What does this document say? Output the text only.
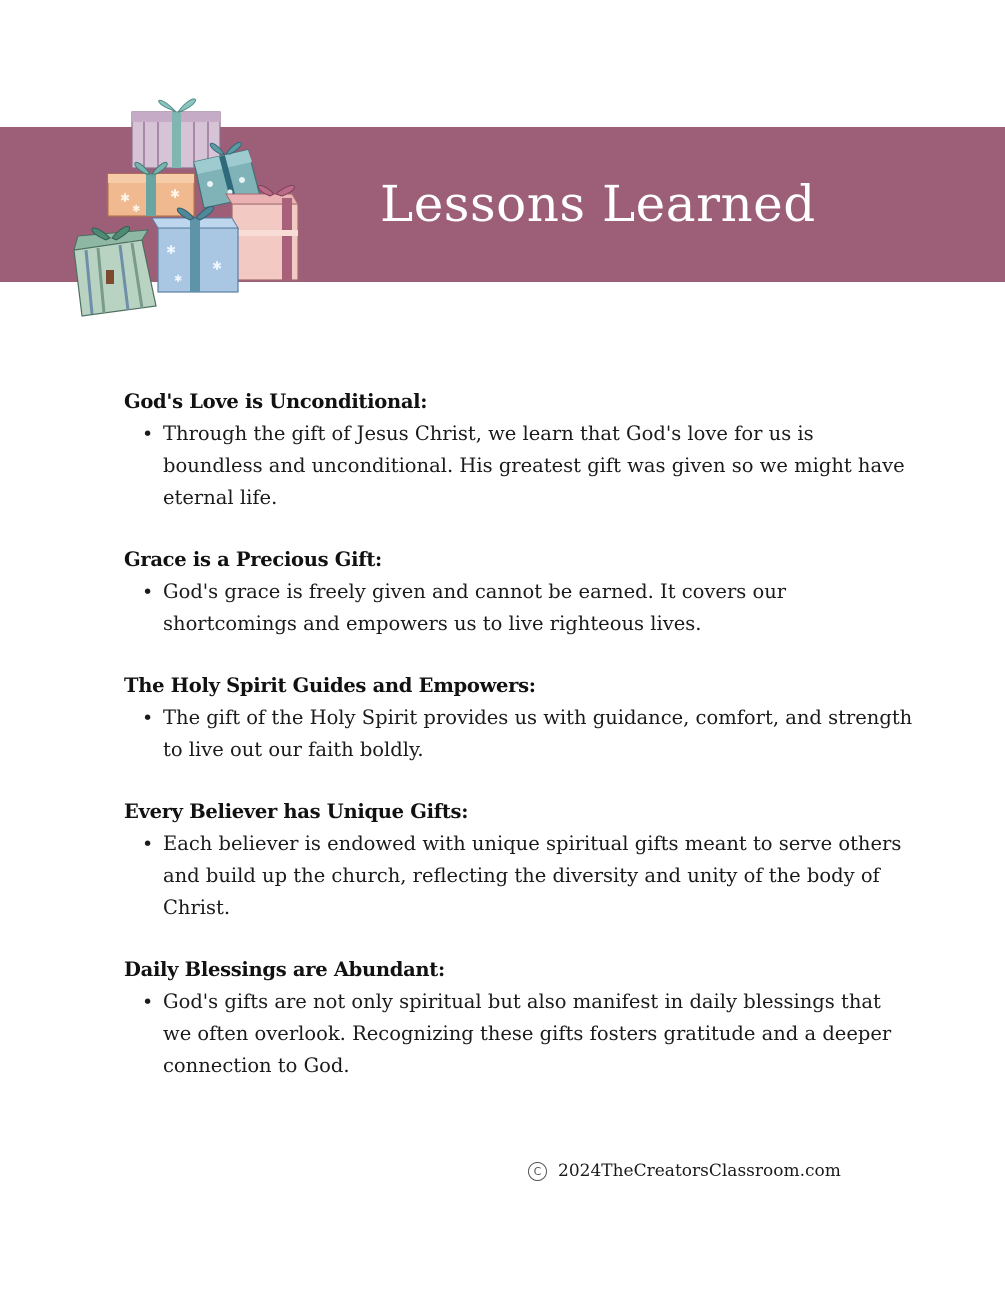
✱	✱
✱
✱
✱
✱
Lessons Learned
God's Love is Unconditional:
• Through the gift of Jesus Christ, we learn that God's love for us is boundless and unconditional. His greatest gift was given so we might have eternal life.
Grace is a Precious Gift:
• God's grace is freely given and cannot be earned. It covers our shortcomings and empowers us to live righteous lives.
The Holy Spirit Guides and Empowers:
• The gift of the Holy Spirit provides us with guidance, comfort, and strength to live out our faith boldly.
Every Believer has Unique Gifts:
• Each believer is endowed with unique spiritual gifts meant to serve others and build up the church, reflecting the diversity and unity of the body of Christ.
Daily Blessings are Abundant:
• God's gifts are not only spiritual but also manifest in daily blessings that we often overlook. Recognizing these gifts fosters gratitude and a deeper connection to God.
C 2024TheCreatorsClassroom.com
